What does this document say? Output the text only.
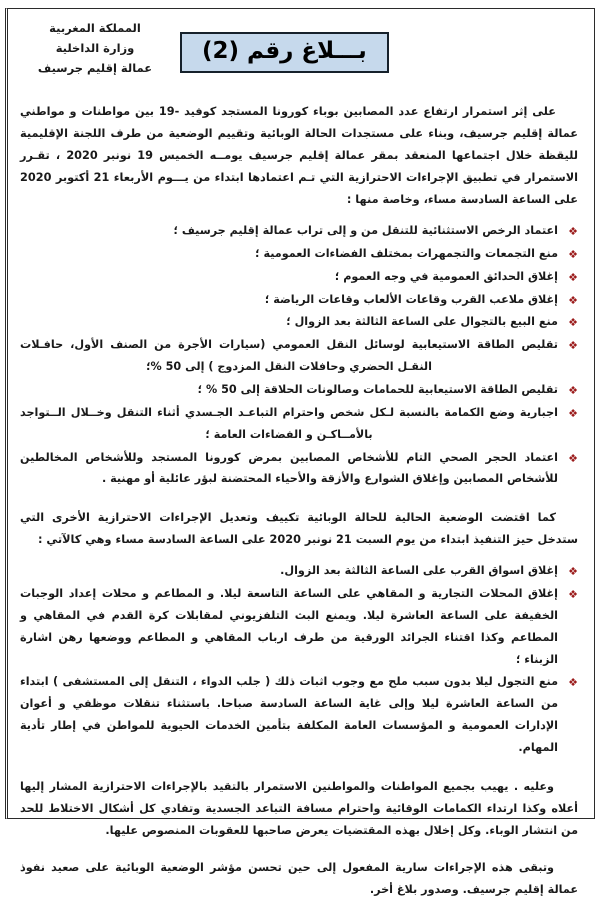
بـــلاغ رقم (2)
المملكة المغربية
وزارة الداخلية
عمالة إقليم جرسيف

على إثر استمرار ارتفاع عدد المصابين بوباء كورونا المستجد كوفيد -19 بين مواطنات و مواطني عمالة إقليم جرسيف، وبناء على مستجدات الحالة الوبائية وتقييم الوضعية من طرف اللجنة الإقليمية لليقظة خلال اجتماعها المنعقد بمقر عمالة إقليم جرسيف يومــه الخميس 19 نونبر 2020 ، تقـرر الاستمرار في تطبيق الإجراءات الاحترازية التي تـم اعتمادها ابتداء من يـــوم الأربعاء 21 أكتوبر 2020 على الساعة السادسة مساء، وخاصة منها :

❖
اعتماد الرخص الاستثنائية للتنقل من و إلى تراب عمالة إقليم جرسيف ؛
❖
منع التجمعات والتجمهرات بمختلف الفضاءات العمومية ؛
❖
إغلاق الحدائق العمومية في وجه العموم ؛
❖
إغلاق ملاعب القرب وقاعات الألعاب وقاعات الرياضة ؛
❖
منع البيع بالتجوال على الساعة الثالثة بعد الزوال ؛
❖
تقليص الطاقة الاستيعابية لوسائل النقل العمومي (سيارات الأجرة من الصنف الأول، حافـلات النقـل الحضري وحافلات النقل المزدوج ) إلى 50 %؛
❖
تقليص الطاقة الاستيعابية للحمامات وصالونات الحلاقة إلى 50 % ؛
❖
اجبارية وضع الكمامة بالنسبة لـكل شخص واحترام التباعـد الجـسدي أثناء التنقل وخــلال الــتواجد بالأمــاكـن و الفضاءات العامة ؛
❖
اعتماد الحجر الصحي التام للأشخاص المصابين بمرض كورونا المستجد وللأشخاص المخالطين للأشخاص المصابين وإغلاق الشوارع والأزقة والأحياء المحتضنة لبؤر عائلية أو مهنية .

كما اقتضت الوضعية الحالية للحالة الوبائية تكييف وتعديل الإجراءات الاحترازية الأخرى التي ستدخل حيز التنفيذ ابتداء من يوم السبت 21 نونبر 2020 على الساعة السادسة مساء وهي كالآتي :

❖
إغلاق اسواق القرب على الساعة الثالثة بعد الزوال.
❖
إغلاق المحلات التجارية و المقاهي على الساعة التاسعة ليلا. و المطاعم و محلات إعداد الوجبات الخفيفة على الساعة العاشرة ليلا. ويمنع البث التلفزيوني لمقابلات كرة القدم في المقاهي و المطاعم وكذا اقتناء الجرائد الورقية من طرف ارباب المقاهي و المطاعم ووضعها رهن اشارة الزبناء ؛
❖
منع التجول ليلا بدون سبب ملح مع وجوب اثبات ذلك ( جلب الدواء ، التنقل إلى المستشفى ) ابتداء من الساعة العاشرة ليلا وإلى غاية الساعة السادسة صباحا. باستثناء تنقلات موظفي و أعوان الإدارات العمومية و المؤسسات العامة المكلفة بتأمين الخدمات الحيوية للمواطن في إطار تأدية المهام.

وعليه . يهيب بجميع المواطنات والمواطنين الاستمرار بالتقيد بالإجراءات الاحترازية المشار إليها أعلاه وكذا ارتداء الكمامات الوقائية واحترام مسافة التباعد الجسدية وتفادي كل أشكال الاختلاط للحد من انتشار الوباء. وكل إخلال بهذه المقتضيات يعرض صاحبها للعقوبات المنصوص عليها.

وتبقى هذه الإجراءات سارية المفعول إلى حين تحسن مؤشر الوضعية الوبائية على صعيد نفوذ عمالة إقليم جرسيف. وصدور بلاغ أخر.
